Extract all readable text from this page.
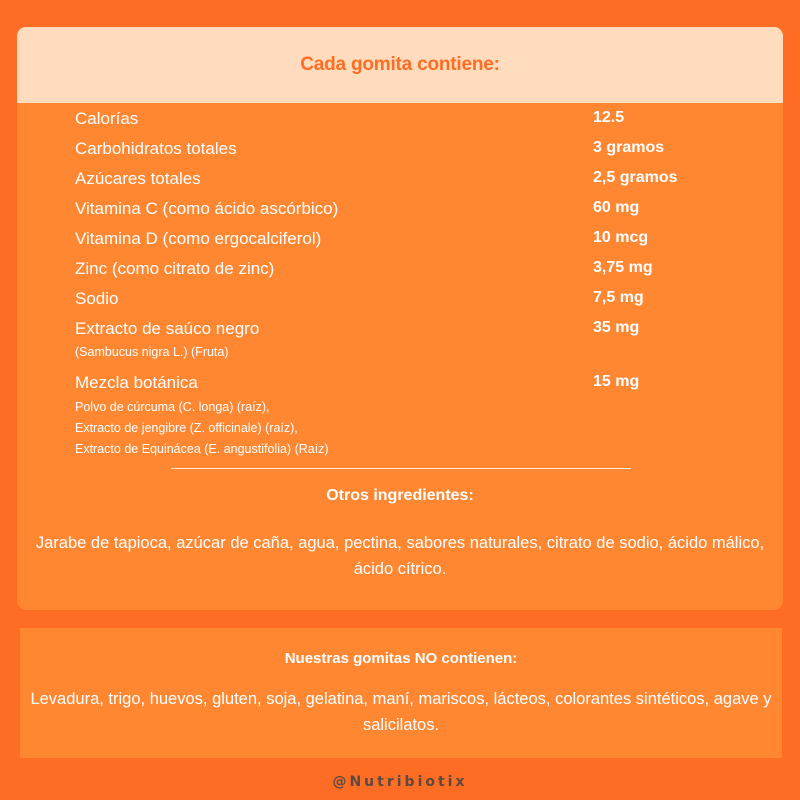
Cada gomita contiene:
Calorías	12.5
Carbohidratos totales	3 gramos
Azúcares totales	2,5 gramos
Vitamina C (como ácido ascórbico)	60 mg
Vitamina D (como ergocalciferol)	10 mcg
Zinc (como citrato de zinc)	3,75 mg
Sodio	7,5 mg
Extracto de saúco negro	35 mg
(Sambucus nigra L.) (Fruta)
Mezcla botánica	15 mg
Polvo de cúrcuma (C. longa) (raíz),
Extracto de jengibre (Z. officinale) (raíz),
Extracto de Equinácea (E. angustifolia) (Raíz)
Otros ingredientes:
Jarabe de tapioca, azúcar de caña, agua, pectina, sabores naturales, citrato de sodio, ácido málico, ácido cítrico.
Nuestras gomitas NO contienen:
Levadura, trigo, huevos, gluten, soja, gelatina, maní, mariscos, lácteos, colorantes sintéticos, agave y salicilatos.
@Nutribiotix
